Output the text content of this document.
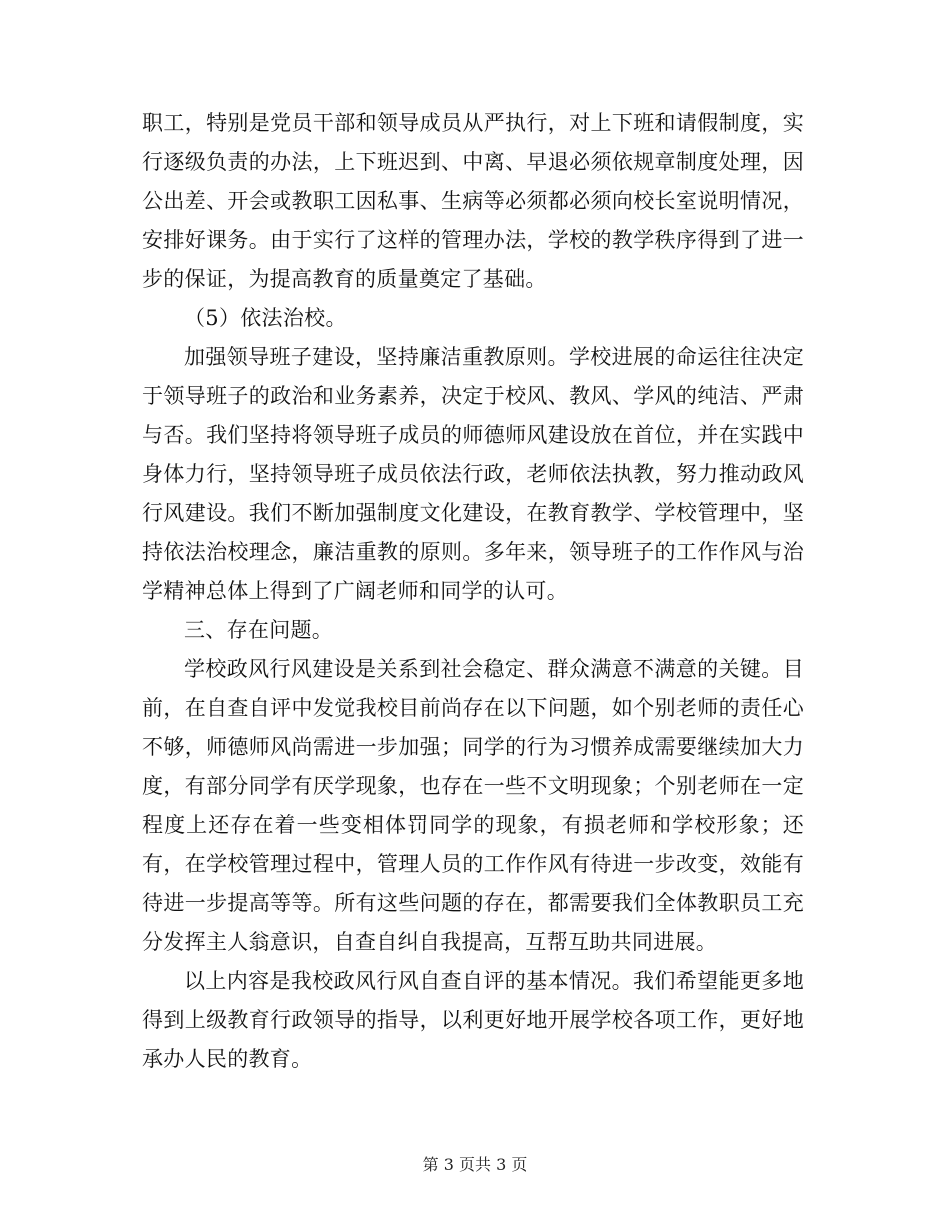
职工，特别是党员干部和领导成员从严执行，对上下班和请假制度，实行逐级负责的办法，上下班迟到、中离、早退必须依规章制度处理，因公出差、开会或教职工因私事、生病等必须都必须向校长室说明情况，安排好课务。由于实行了这样的管理办法，学校的教学秩序得到了进一步的保证，为提高教育的质量奠定了基础。

（5）依法治校。

加强领导班子建设，坚持廉洁重教原则。学校进展的命运往往决定于领导班子的政治和业务素养，决定于校风、教风、学风的纯洁、严肃与否。我们坚持将领导班子成员的师德师风建设放在首位，并在实践中身体力行，坚持领导班子成员依法行政，老师依法执教，努力推动政风行风建设。我们不断加强制度文化建设，在教育教学、学校管理中，坚持依法治校理念，廉洁重教的原则。多年来，领导班子的工作作风与治学精神总体上得到了广阔老师和同学的认可。

三、存在问题。

学校政风行风建设是关系到社会稳定、群众满意不满意的关键。目前，在自查自评中发觉我校目前尚存在以下问题，如个别老师的责任心不够，师德师风尚需进一步加强；同学的行为习惯养成需要继续加大力度，有部分同学有厌学现象，也存在一些不文明现象；个别老师在一定程度上还存在着一些变相体罚同学的现象，有损老师和学校形象；还有，在学校管理过程中，管理人员的工作作风有待进一步改变，效能有待进一步提高等等。所有这些问题的存在，都需要我们全体教职员工充分发挥主人翁意识，自查自纠自我提高，互帮互助共同进展。

以上内容是我校政风行风自查自评的基本情况。我们希望能更多地得到上级教育行政领导的指导，以利更好地开展学校各项工作，更好地承办人民的教育。

第 3 页共 3 页
